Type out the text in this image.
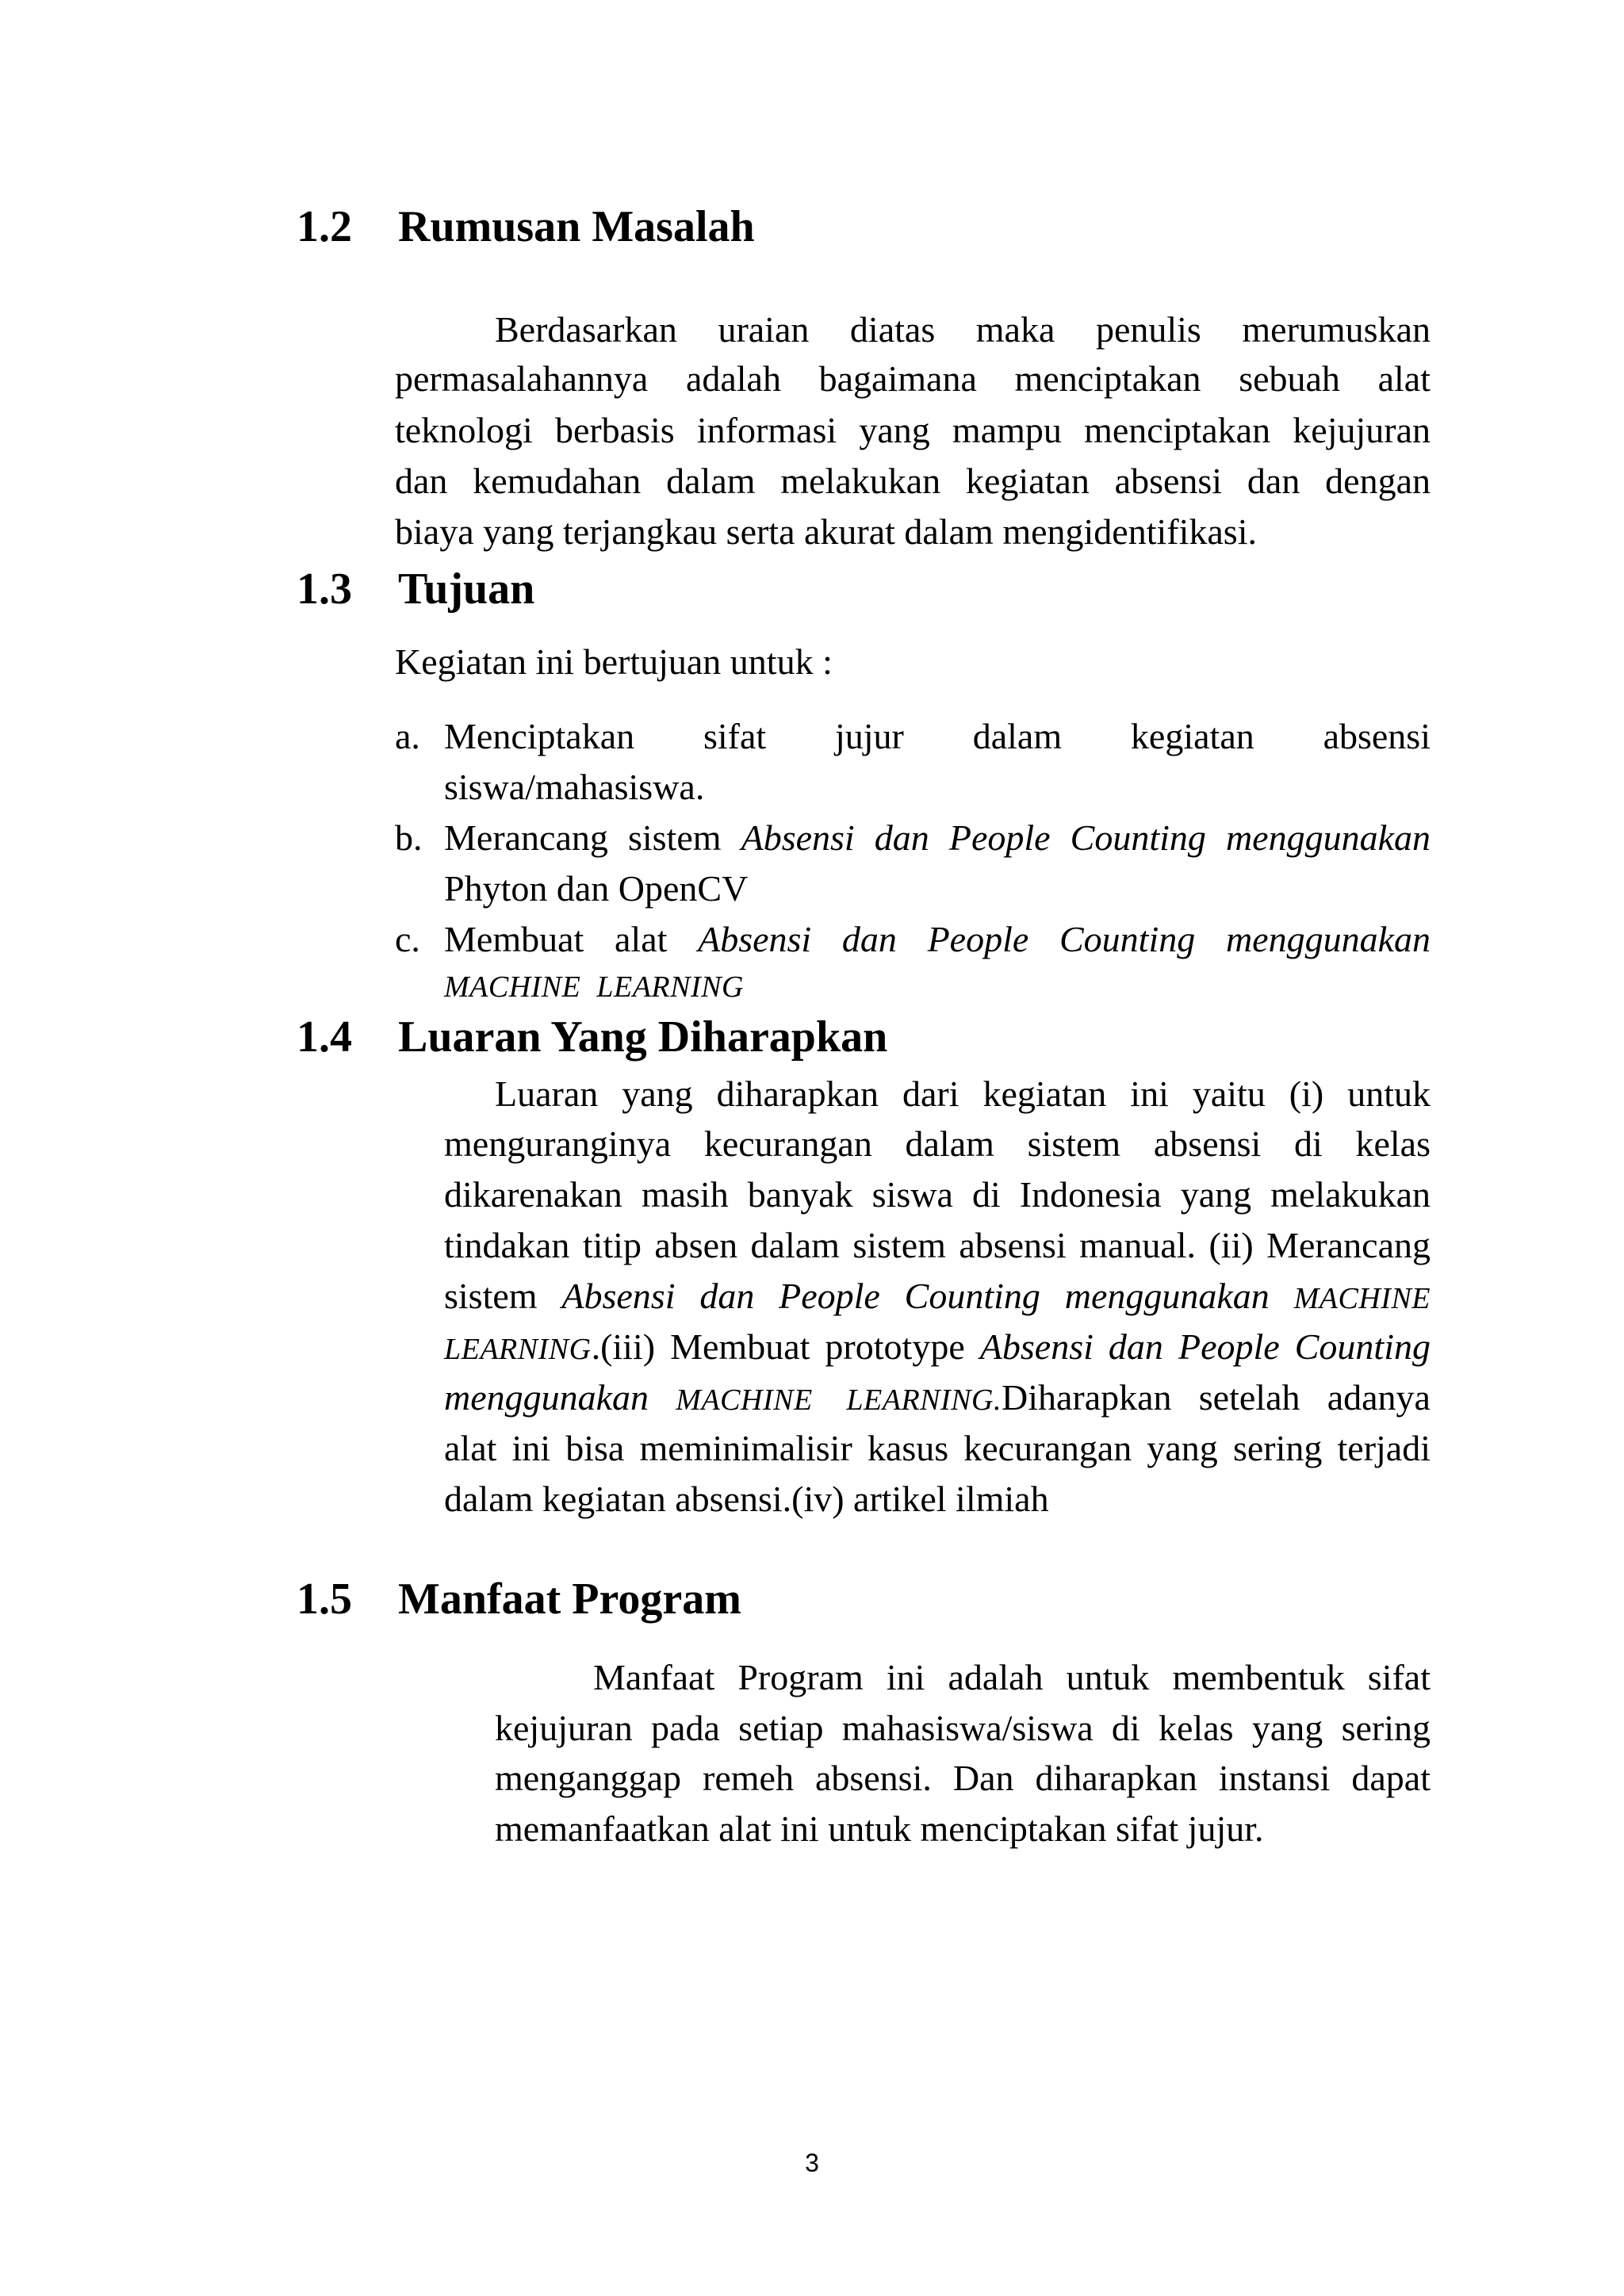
1.2 Rumusan Masalah
Berdasarkan uraian diatas maka penulis merumuskan
permasalahannya adalah bagaimana menciptakan sebuah alat
teknologi berbasis informasi yang mampu menciptakan kejujuran
dan kemudahan dalam melakukan kegiatan absensi dan dengan
biaya yang terjangkau serta akurat dalam mengidentifikasi.
1.3 Tujuan
Kegiatan ini bertujuan untuk :
a. Menciptakan sifat jujur dalam kegiatan absensi
siswa/mahasiswa.
b. Merancang sistem Absensi dan People Counting menggunakan
Phyton dan OpenCV
c. Membuat alat Absensi dan People Counting menggunakan
MACHINE LEARNING
1.4 Luaran Yang Diharapkan
Luaran yang diharapkan dari kegiatan ini yaitu (i) untuk
menguranginya kecurangan dalam sistem absensi di kelas
dikarenakan masih banyak siswa di Indonesia yang melakukan
tindakan titip absen dalam sistem absensi manual. (ii) Merancang
sistem Absensi dan People Counting menggunakan MACHINE
LEARNING.(iii) Membuat prototype Absensi dan People Counting
menggunakan MACHINE LEARNING.Diharapkan setelah adanya
alat ini bisa meminimalisir kasus kecurangan yang sering terjadi
dalam kegiatan absensi.(iv) artikel ilmiah
1.5 Manfaat Program
Manfaat Program ini adalah untuk membentuk sifat
kejujuran pada setiap mahasiswa/siswa di kelas yang sering
menganggap remeh absensi. Dan diharapkan instansi dapat
memanfaatkan alat ini untuk menciptakan sifat jujur.
3
